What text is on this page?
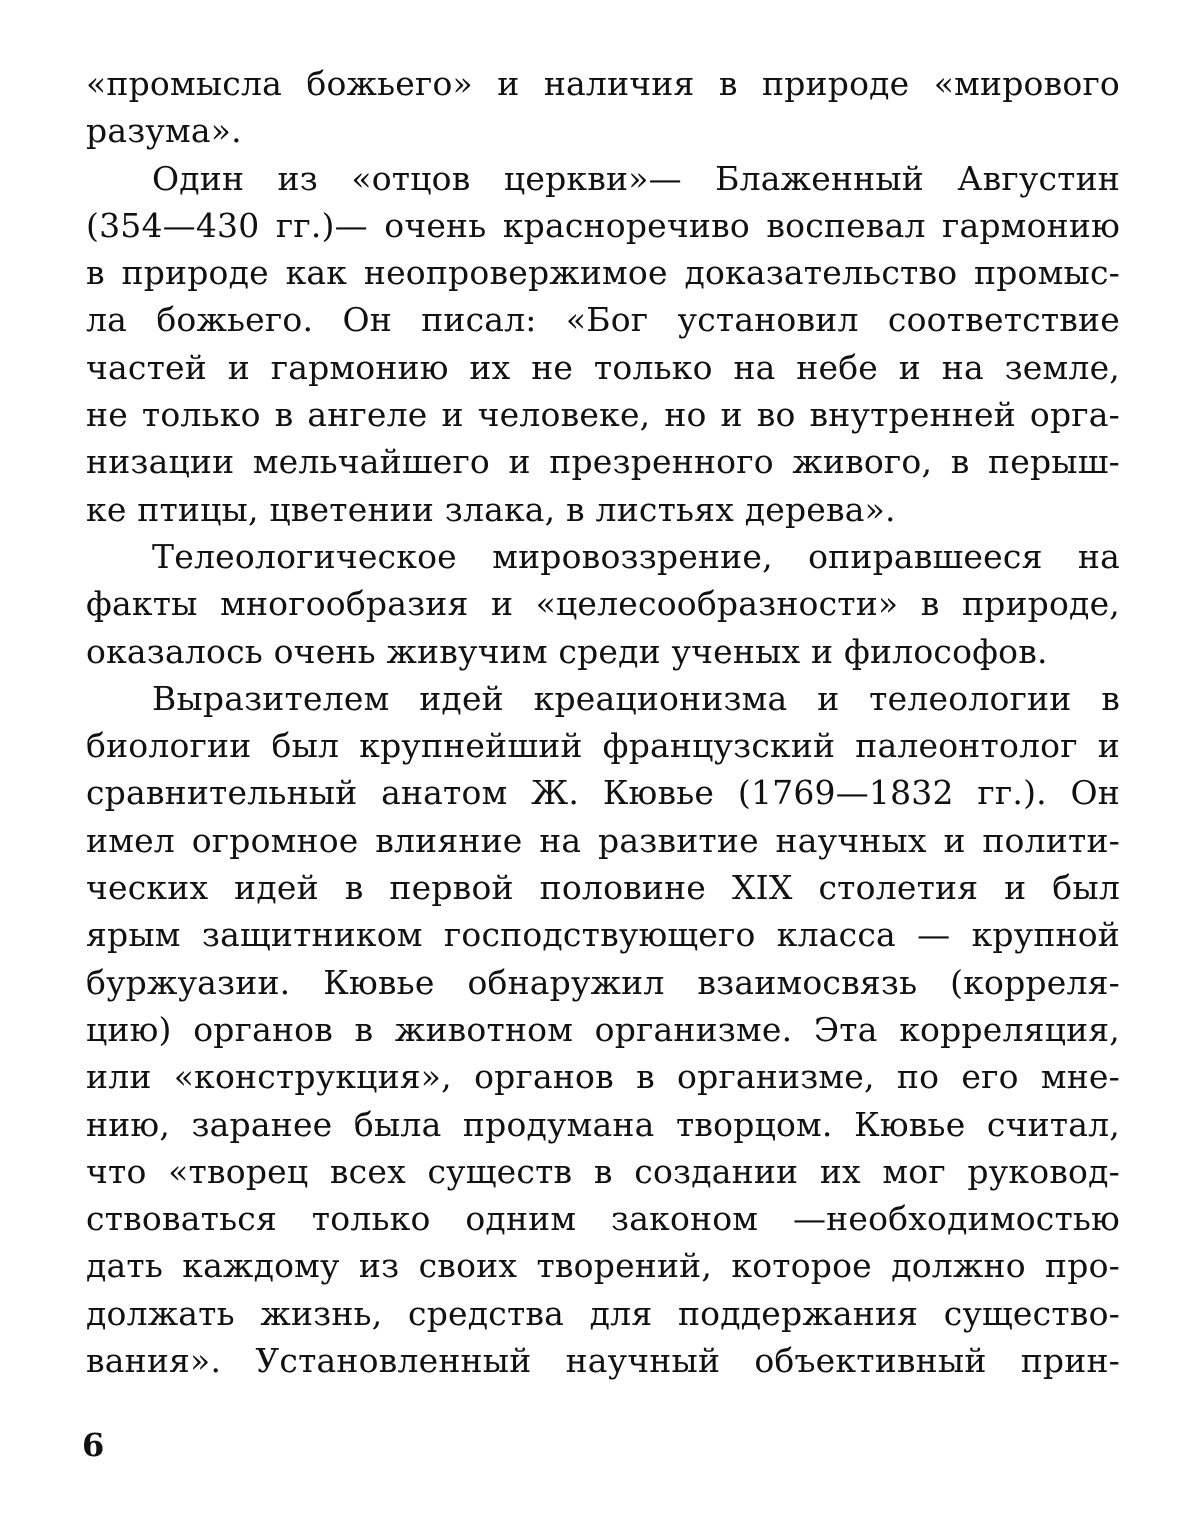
«промысла божьего» и наличия в природе «мирового
разума».
Один из «отцов церкви»— Блаженный Августин
(354—430 гг.)— очень красноречиво воспевал гармонию
в природе как неопровержимое доказательство промыс-
ла божьего. Он писал: «Бог установил соответствие
частей и гармонию их не только на небе и на земле,
не только в ангеле и человеке, но и во внутренней орга-
низации мельчайшего и презренного живого, в перыш-
ке птицы, цветении злака, в листьях дерева».
Телеологическое мировоззрение, опиравшееся на
факты многообразия и «целесообразности» в природе,
оказалось очень живучим среди ученых и философов.
Выразителем идей креационизма и телеологии в
биологии был крупнейший французский палеонтолог и
сравнительный анатом Ж. Кювье (1769—1832 гг.). Он
имел огромное влияние на развитие научных и полити-
ческих идей в первой половине XIX столетия и был
ярым защитником господствующего класса — крупной
буржуазии. Кювье обнаружил взаимосвязь (корреля-
цию) органов в животном организме. Эта корреляция,
или «конструкция», органов в организме, по его мне-
нию, заранее была продумана творцом. Кювье считал,
что «творец всех существ в создании их мог руковод-
ствоваться только одним законом —необходимостью
дать каждому из своих творений, которое должно про-
должать жизнь, средства для поддержания существо-
вания». Установленный научный объективный прин-
6
